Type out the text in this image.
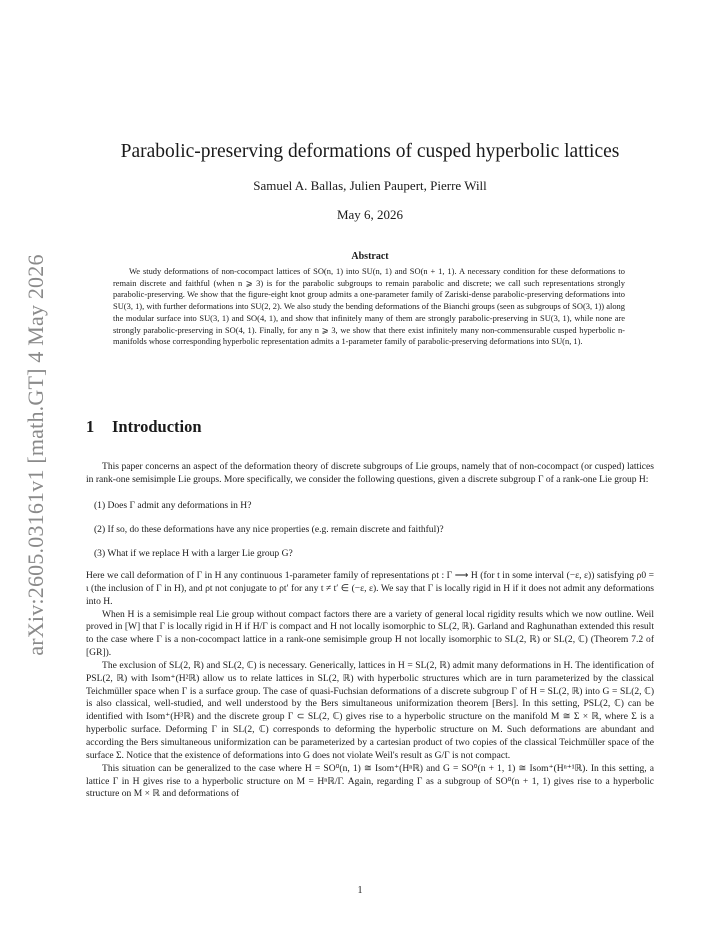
arXiv:2605.03161v1 [math.GT] 4 May 2026
Parabolic-preserving deformations of cusped hyperbolic lattices
Samuel A. Ballas, Julien Paupert, Pierre Will
May 6, 2026
Abstract

We study deformations of non-cocompact lattices of SO(n, 1) into SU(n, 1) and SO(n + 1, 1). A necessary condition for these deformations to remain discrete and faithful (when n ⩾ 3) is for the parabolic subgroups to remain parabolic and discrete; we call such representations strongly parabolic-preserving. We show that the figure-eight knot group admits a one-parameter family of Zariski-dense parabolic-preserving deformations into SU(3, 1), with further deformations into SU(2, 2). We also study the bending deformations of the Bianchi groups (seen as subgroups of SO(3, 1)) along the modular surface into SU(3, 1) and SO(4, 1), and show that infinitely many of them are strongly parabolic-preserving in SU(3, 1), while none are strongly parabolic-preserving in SO(4, 1). Finally, for any n ⩾ 3, we show that there exist infinitely many non-commensurable cusped hyperbolic n-manifolds whose corresponding hyperbolic representation admits a 1-parameter family of parabolic-preserving deformations into SU(n, 1).

1 Introduction

This paper concerns an aspect of the deformation theory of discrete subgroups of Lie groups, namely that of non-cocompact (or cusped) lattices in rank-one semisimple Lie groups. More specifically, we consider the following questions, given a discrete subgroup Γ of a rank-one Lie group H:

(1) Does Γ admit any deformations in H?
(2) If so, do these deformations have any nice properties (e.g. remain discrete and faithful)?
(3) What if we replace H with a larger Lie group G?

Here we call deformation of Γ in H any continuous 1-parameter family of representations ρt : Γ ⟶ H (for t in some interval (−ε, ε)) satisfying ρ0 = ι (the inclusion of Γ in H), and ρt not conjugate to ρt′ for any t ≠ t′ ∈ (−ε, ε). We say that Γ is locally rigid in H if it does not admit any deformations into H.

When H is a semisimple real Lie group without compact factors there are a variety of general local rigidity results which we now outline. Weil proved in [W] that Γ is locally rigid in H if H/Γ is compact and H not locally isomorphic to SL(2, ℝ). Garland and Raghunathan extended this result to the case where Γ is a non-cocompact lattice in a rank-one semisimple group H not locally isomorphic to SL(2, ℝ) or SL(2, ℂ) (Theorem 7.2 of [GR]).

The exclusion of SL(2, ℝ) and SL(2, ℂ) is necessary. Generically, lattices in H = SL(2, ℝ) admit many deformations in H. The identification of PSL(2, ℝ) with Isom⁺(H²ℝ) allow us to relate lattices in SL(2, ℝ) with hyperbolic structures which are in turn parameterized by the classical Teichmüller space when Γ is a surface group. The case of quasi-Fuchsian deformations of a discrete subgroup Γ of H = SL(2, ℝ) into G = SL(2, ℂ) is also classical, well-studied, and well understood by the Bers simultaneous uniformization theorem [Bers]. In this setting, PSL(2, ℂ) can be identified with Isom⁺(H³ℝ) and the discrete group Γ ⊂ SL(2, ℂ) gives rise to a hyperbolic structure on the manifold M ≅ Σ × ℝ, where Σ is a hyperbolic surface. Deforming Γ in SL(2, ℂ) corresponds to deforming the hyperbolic structure on M. Such deformations are abundant and according the Bers simultaneous uniformization can be parameterized by a cartesian product of two copies of the classical Teichmüller space of the surface Σ. Notice that the existence of deformations into G does not violate Weil's result as G/Γ is not compact.

This situation can be generalized to the case where H = SO⁰(n, 1) ≅ Isom⁺(Hⁿℝ) and G = SO⁰(n + 1, 1) ≅ Isom⁺(Hⁿ⁺¹ℝ). In this setting, a lattice Γ in H gives rise to a hyperbolic structure on M = Hⁿℝ/Γ. Again, regarding Γ as a subgroup of SO⁰(n + 1, 1) gives rise to a hyperbolic structure on M × ℝ and deformations of

1
